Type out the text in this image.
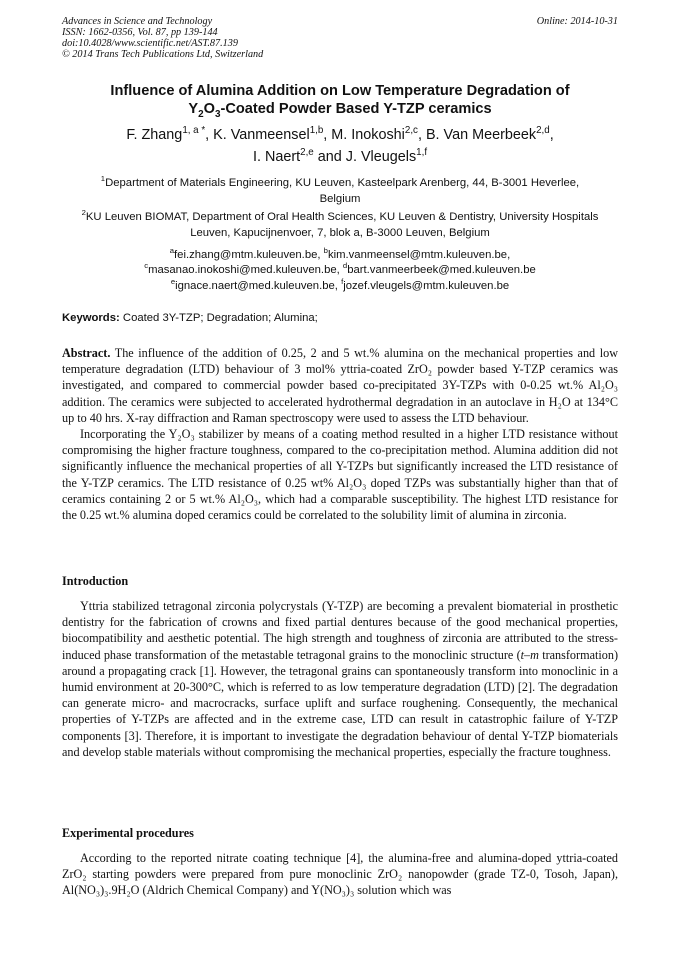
Advances in Science and Technology
ISSN: 1662-0356, Vol. 87, pp 139-144
doi:10.4028/www.scientific.net/AST.87.139
© 2014 Trans Tech Publications Ltd, Switzerland
Online: 2014-10-31
Influence of Alumina Addition on Low Temperature Degradation of
$Y_2O_3$-Coated Powder Based Y-TZP ceramics
F. Zhang$^{1, a *}$, K. Vanmeensel$^{1,b}$, M. Inokoshi$^{2,c}$, B. Van Meerbeek$^{2,d}$,
I. Naert$^{2,e}$ and J. Vleugels$^{1,f}$
$^1$Department of Materials Engineering, KU Leuven, Kasteelpark Arenberg, 44, B-3001 Heverlee, Belgium
$^2$KU Leuven BIOMAT, Department of Oral Health Sciences, KU Leuven & Dentistry, University Hospitals Leuven, Kapucijnenvoer, 7, blok a, B-3000 Leuven, Belgium
$^a$fei.zhang@mtm.kuleuven.be, $^b$kim.vanmeensel@mtm.kuleuven.be,
$^c$masanao.inokoshi@med.kuleuven.be, $^d$bart.vanmeerbeek@med.kuleuven.be
$^e$ignace.naert@med.kuleuven.be, $^f$jozef.vleugels@mtm.kuleuven.be
Keywords: Coated 3Y-TZP; Degradation; Alumina;

Abstract. The influence of the addition of 0.25, 2 and 5 wt.% alumina on the mechanical properties and low temperature degradation (LTD) behaviour of 3 mol% yttria-coated ZrO₂ powder based Y-TZP ceramics was investigated, and compared to commercial powder based co-precipitated 3Y-TZPs with 0-0.25 wt.% Al₂O₃ addition. The ceramics were subjected to accelerated hydrothermal degradation in an autoclave in H₂O at 134°C up to 40 hrs. X-ray diffraction and Raman spectroscopy were used to assess the LTD behaviour.

Incorporating the Y₂O₃ stabilizer by means of a coating method resulted in a higher LTD resistance without compromising the higher fracture toughness, compared to the co-precipitation method. Alumina addition did not significantly influence the mechanical properties of all Y-TZPs but significantly increased the LTD resistance of the Y-TZP ceramics. The LTD resistance of 0.25 wt% Al₂O₃ doped TZPs was substantially higher than that of ceramics containing 2 or 5 wt.% Al₂O₃, which had a comparable susceptibility. The highest LTD resistance for the 0.25 wt.% alumina doped ceramics could be correlated to the solubility limit of alumina in zirconia.

Introduction

Yttria stabilized tetragonal zirconia polycrystals (Y-TZP) are becoming a prevalent biomaterial in prosthetic dentistry for the fabrication of crowns and fixed partial dentures because of the good mechanical properties, biocompatibility and aesthetic potential. The high strength and toughness of zirconia are attributed to the stress-induced phase transformation of the metastable tetragonal grains to the monoclinic structure (t–m transformation) around a propagating crack [1]. However, the tetragonal grains can spontaneously transform into monoclinic in a humid environment at 20-300°C, which is referred to as low temperature degradation (LTD) [2]. The degradation can generate micro- and macrocracks, surface uplift and surface roughening. Consequently, the mechanical properties of Y-TZPs are affected and in the extreme case, LTD can result in catastrophic failure of Y-TZP components [3]. Therefore, it is important to investigate the degradation behaviour of dental Y-TZP biomaterials and develop stable materials without compromising the mechanical properties, especially the fracture toughness.

Experimental procedures

According to the reported nitrate coating technique [4], the alumina-free and alumina-doped yttria-coated ZrO₂ starting powders were prepared from pure monoclinic ZrO₂ nanopowder (grade TZ-0, Tosoh, Japan), Al(NO₃)₃.9H₂O (Aldrich Chemical Company) and Y(NO₃)₃ solution which was
